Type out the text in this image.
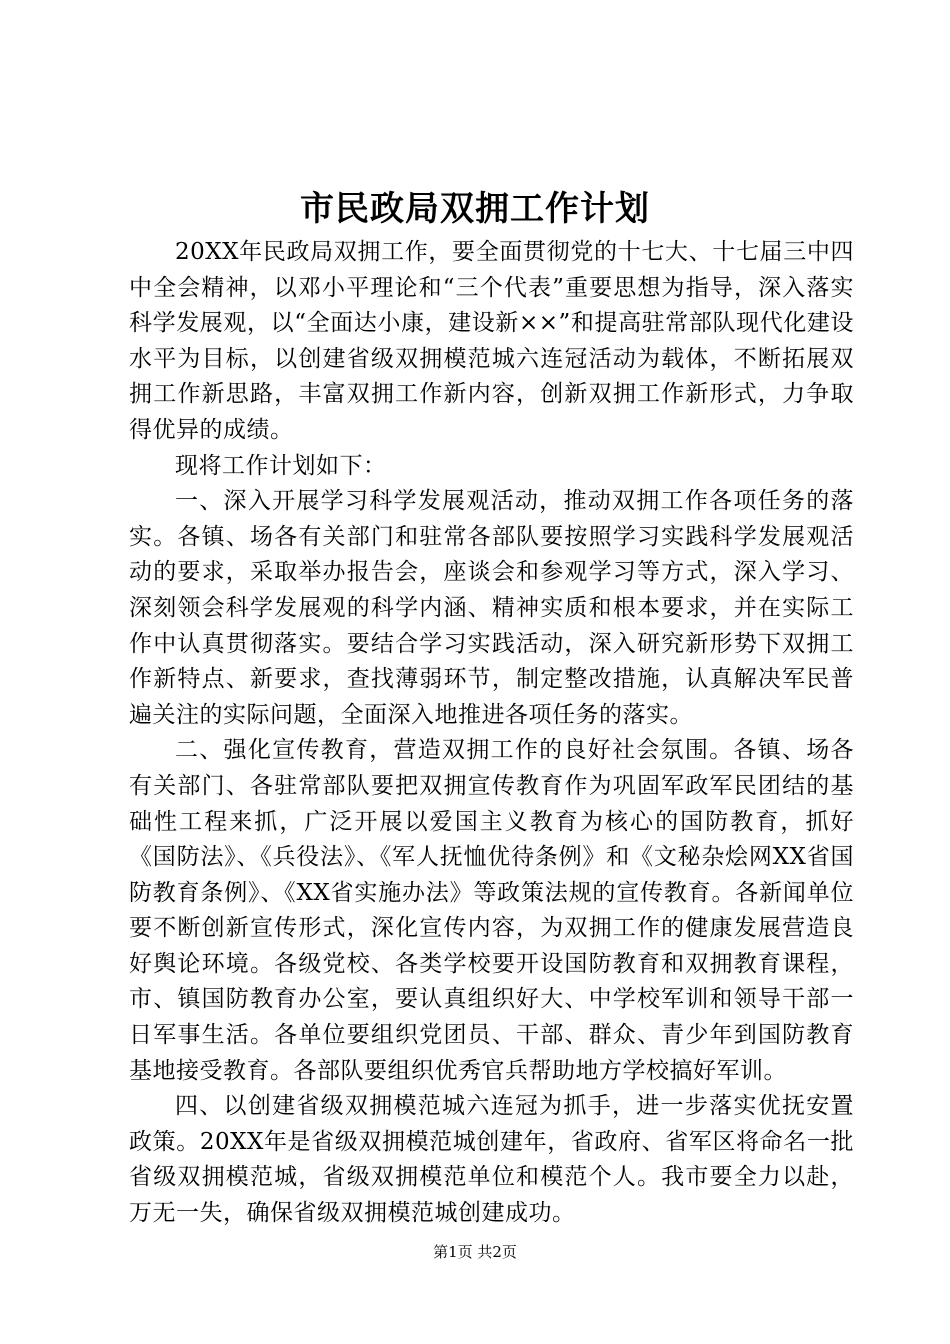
市民政局双拥工作计划

20XX年民政局双拥工作，要全面贯彻党的十七大、十七届三中四中全会精神，以邓小平理论和“三个代表”重要思想为指导，深入落实科学发展观，以“全面达小康，建设新××”和提高驻常部队现代化建设水平为目标，以创建省级双拥模范城六连冠活动为载体，不断拓展双拥工作新思路，丰富双拥工作新内容，创新双拥工作新形式，力争取得优异的成绩。

现将工作计划如下：

一、深入开展学习科学发展观活动，推动双拥工作各项任务的落实。各镇、场各有关部门和驻常各部队要按照学习实践科学发展观活动的要求，采取举办报告会，座谈会和参观学习等方式，深入学习、深刻领会科学发展观的科学内涵、精神实质和根本要求，并在实际工作中认真贯彻落实。要结合学习实践活动，深入研究新形势下双拥工作新特点、新要求，查找薄弱环节，制定整改措施，认真解决军民普遍关注的实际问题，全面深入地推进各项任务的落实。

二、强化宣传教育，营造双拥工作的良好社会氛围。各镇、场各有关部门、各驻常部队要把双拥宣传教育作为巩固军政军民团结的基础性工程来抓，广泛开展以爱国主义教育为核心的国防教育，抓好《国防法》、《兵役法》、《军人抚恤优待条例》和《文秘杂烩网XX省国防教育条例》、《XX省实施办法》等政策法规的宣传教育。各新闻单位要不断创新宣传形式，深化宣传内容，为双拥工作的健康发展营造良好舆论环境。各级党校、各类学校要开设国防教育和双拥教育课程，市、镇国防教育办公室，要认真组织好大、中学校军训和领导干部一日军事生活。各单位要组织党团员、干部、群众、青少年到国防教育基地接受教育。各部队要组织优秀官兵帮助地方学校搞好军训。

四、以创建省级双拥模范城六连冠为抓手，进一步落实优抚安置政策。20XX年是省级双拥模范城创建年，省政府、省军区将命名一批省级双拥模范城，省级双拥模范单位和模范个人。我市要全力以赴，万无一失，确保省级双拥模范城创建成功。

第1页 共2页
